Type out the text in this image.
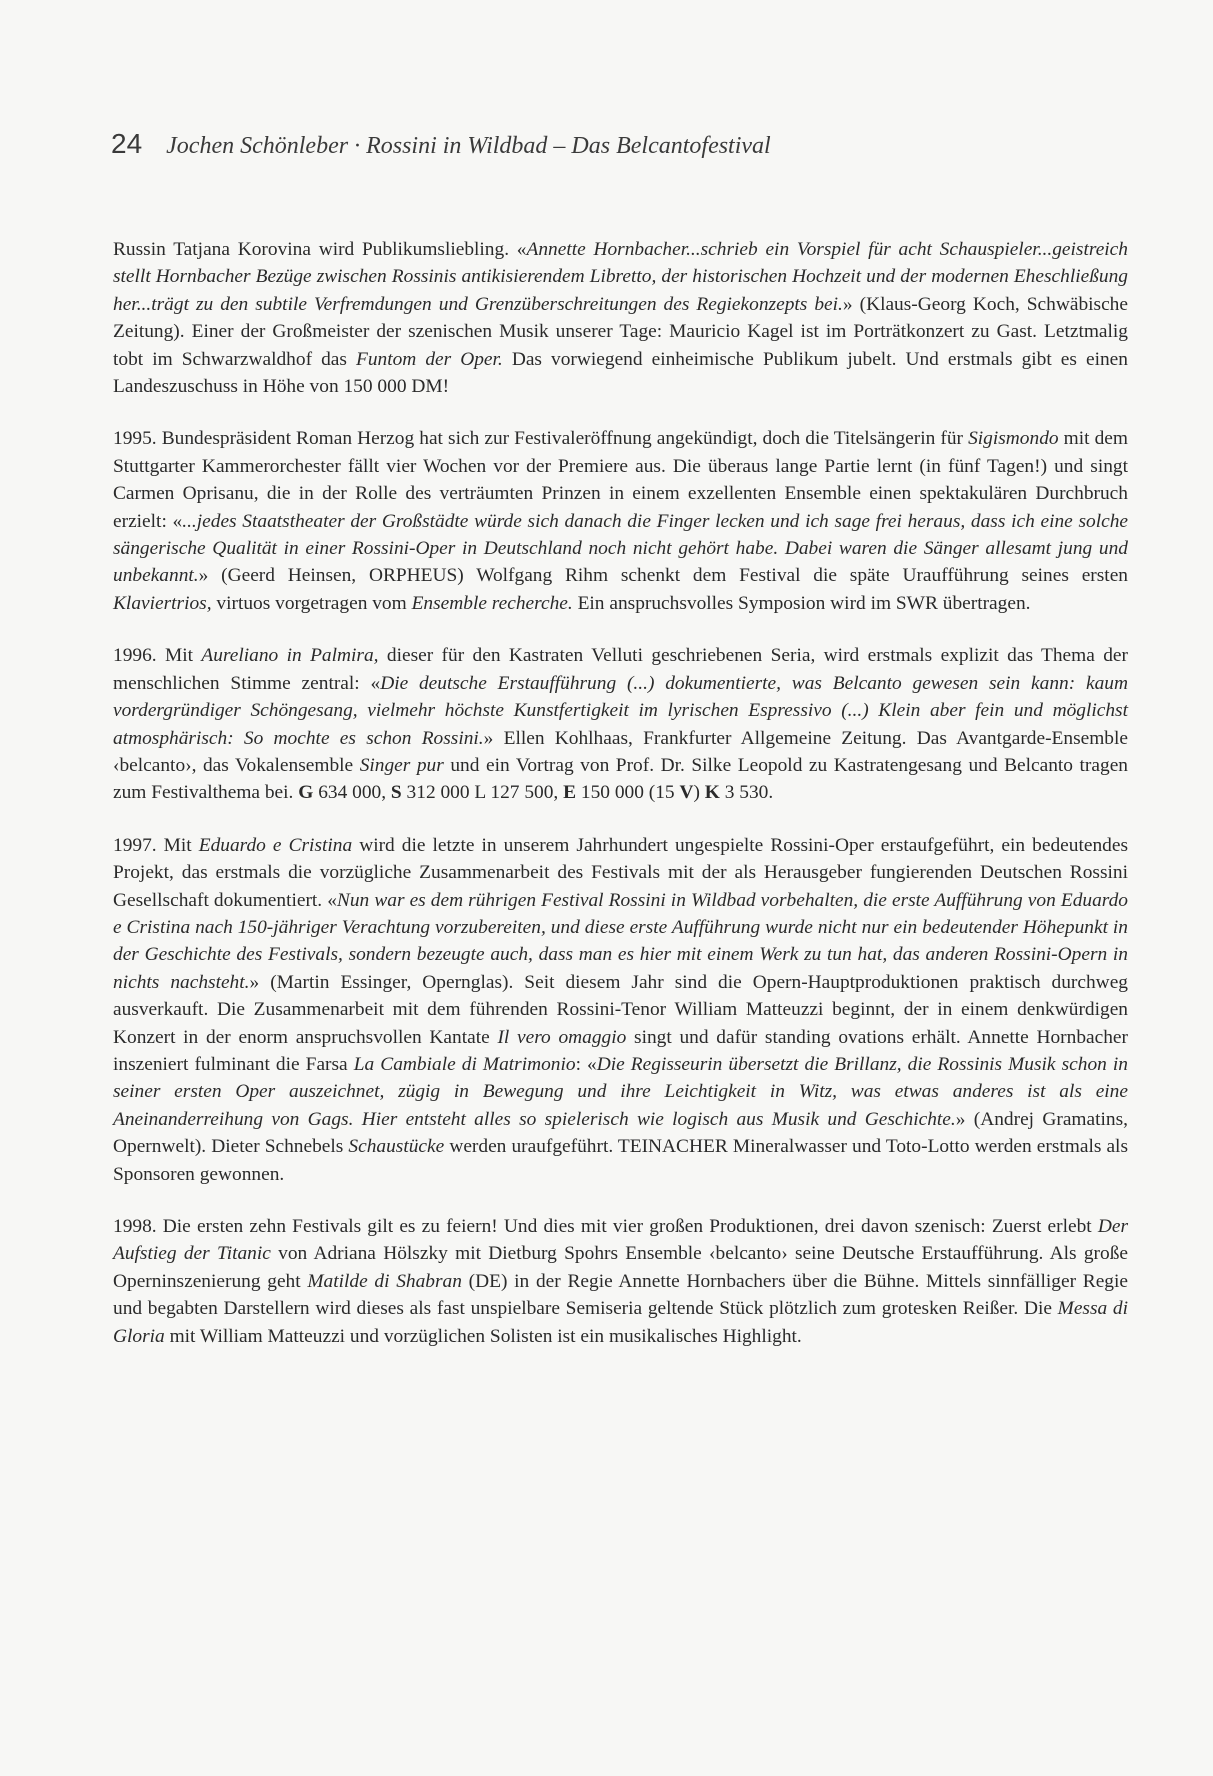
24 Jochen Schönleber · Rossini in Wildbad – Das Belcantofestival

Russin Tatjana Korovina wird Publikumsliebling. «Annette Hornbacher...schrieb ein Vorspiel für acht Schauspieler...geistreich stellt Hornbacher Bezüge zwischen Rossinis antikisierendem Libretto, der historischen Hochzeit und der modernen Eheschließung her...trägt zu den subtile Verfremdungen und Grenzüberschreitungen des Regiekonzepts bei.» (Klaus-Georg Koch, Schwäbische Zeitung). Einer der Großmeister der szenischen Musik unserer Tage: Mauricio Kagel ist im Porträtkonzert zu Gast. Letztmalig tobt im Schwarzwaldhof das Funtom der Oper. Das vorwiegend einheimische Publikum jubelt. Und erstmals gibt es einen Landeszuschuss in Höhe von 150 000 DM!

1995. Bundespräsident Roman Herzog hat sich zur Festivaleröffnung angekündigt, doch die Titelsängerin für Sigismondo mit dem Stuttgarter Kammerorchester fällt vier Wochen vor der Premiere aus. Die überaus lange Partie lernt (in fünf Tagen!) und singt Carmen Oprisanu, die in der Rolle des verträumten Prinzen in einem exzellenten Ensemble einen spektakulären Durchbruch erzielt: «...jedes Staatstheater der Großstädte würde sich danach die Finger lecken und ich sage frei heraus, dass ich eine solche sängerische Qualität in einer Rossini-Oper in Deutschland noch nicht gehört habe. Dabei waren die Sänger allesamt jung und unbekannt.» (Geerd Heinsen, ORPHEUS) Wolfgang Rihm schenkt dem Festival die späte Uraufführung seines ersten Klaviertrios, virtuos vorgetragen vom Ensemble recherche. Ein anspruchsvolles Symposion wird im SWR übertragen.

1996. Mit Aureliano in Palmira, dieser für den Kastraten Velluti geschriebenen Seria, wird erstmals explizit das Thema der menschlichen Stimme zentral: «Die deutsche Erstaufführung (...) dokumentierte, was Belcanto gewesen sein kann: kaum vordergründiger Schöngesang, vielmehr höchste Kunstfertigkeit im lyrischen Espressivo (...) Klein aber fein und möglichst atmosphärisch: So mochte es schon Rossini.» Ellen Kohlhaas, Frankfurter Allgemeine Zeitung. Das Avantgarde-Ensemble ‹belcanto›, das Vokalensemble Singer pur und ein Vortrag von Prof. Dr. Silke Leopold zu Kastratengesang und Belcanto tragen zum Festivalthema bei. G 634 000, S 312 000 L 127 500, E 150 000 (15 V) K 3 530.

1997. Mit Eduardo e Cristina wird die letzte in unserem Jahrhundert ungespielte Rossini-Oper erstaufgeführt, ein bedeutendes Projekt, das erstmals die vorzügliche Zusammenarbeit des Festivals mit der als Herausgeber fungierenden Deutschen Rossini Gesellschaft dokumentiert. «Nun war es dem rührigen Festival Rossini in Wildbad vorbehalten, die erste Aufführung von Eduardo e Cristina nach 150-jähriger Verachtung vorzubereiten, und diese erste Aufführung wurde nicht nur ein bedeutender Höhepunkt in der Geschichte des Festivals, sondern bezeugte auch, dass man es hier mit einem Werk zu tun hat, das anderen Rossini-Opern in nichts nachsteht.» (Martin Essinger, Opernglas). Seit diesem Jahr sind die Opern-Hauptproduktionen praktisch durchweg ausverkauft. Die Zusammenarbeit mit dem führenden Rossini-Tenor William Matteuzzi beginnt, der in einem denkwürdigen Konzert in der enorm anspruchsvollen Kantate Il vero omaggio singt und dafür standing ovations erhält. Annette Hornbacher inszeniert fulminant die Farsa La Cambiale di Matrimonio: «Die Regisseurin übersetzt die Brillanz, die Rossinis Musik schon in seiner ersten Oper auszeichnet, zügig in Bewegung und ihre Leichtigkeit in Witz, was etwas anderes ist als eine Aneinanderreihung von Gags. Hier entsteht alles so spielerisch wie logisch aus Musik und Geschichte.» (Andrej Gramatins, Opernwelt). Dieter Schnebels Schaustücke werden uraufgeführt. TEINACHER Mineralwasser und Toto-Lotto werden erstmals als Sponsoren gewonnen.

1998. Die ersten zehn Festivals gilt es zu feiern! Und dies mit vier großen Produktionen, drei davon szenisch: Zuerst erlebt Der Aufstieg der Titanic von Adriana Hölszky mit Dietburg Spohrs Ensemble ‹belcanto› seine Deutsche Erstaufführung. Als große Operninszenierung geht Matilde di Shabran (DE) in der Regie Annette Hornbachers über die Bühne. Mittels sinnfälliger Regie und begabten Darstellern wird dieses als fast unspielbare Semiseria geltende Stück plötzlich zum grotesken Reißer. Die Messa di Gloria mit William Matteuzzi und vorzüglichen Solisten ist ein musikalisches Highlight.
